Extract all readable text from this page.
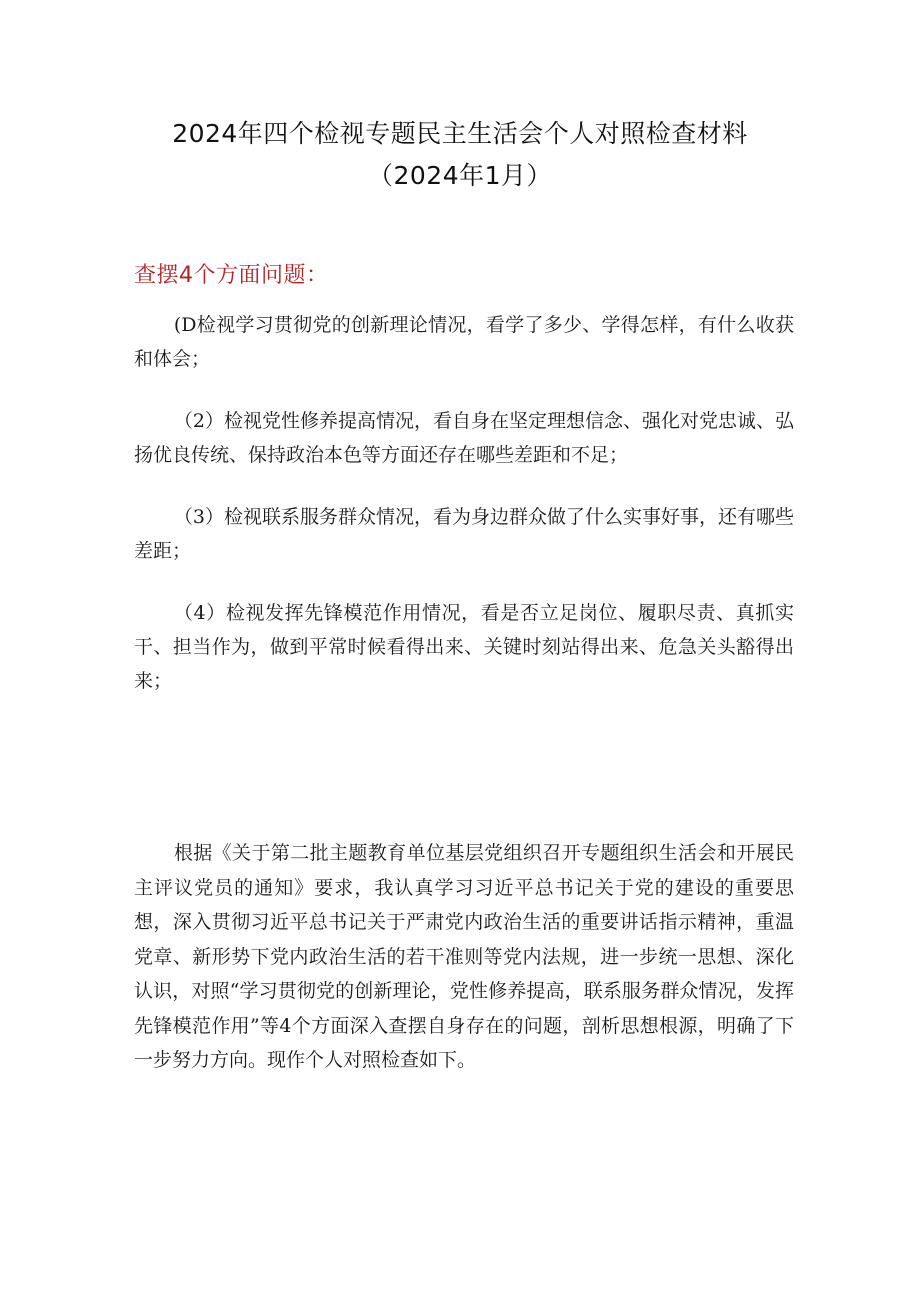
2024年四个检视专题民主生活会个人对照检查材料
（2024年1月）
查摆4个方面问题：

(D检视学习贯彻党的创新理论情况，看学了多少、学得怎样，有什么收获和体会；

（2）检视党性修养提高情况，看自身在坚定理想信念、强化对党忠诚、弘扬优良传统、保持政治本色等方面还存在哪些差距和不足；

（3）检视联系服务群众情况，看为身边群众做了什么实事好事，还有哪些差距；

（4）检视发挥先锋模范作用情况，看是否立足岗位、履职尽责、真抓实干、担当作为，做到平常时候看得出来、关键时刻站得出来、危急关头豁得出来；

根据《关于第二批主题教育单位基层党组织召开专题组织生活会和开展民主评议党员的通知》要求，我认真学习习近平总书记关于党的建设的重要思想，深入贯彻习近平总书记关于严肃党内政治生活的重要讲话指示精神，重温党章、新形势下党内政治生活的若干准则等党内法规，进一步统一思想、深化认识，对照“学习贯彻党的创新理论，党性修养提高，联系服务群众情况，发挥先锋模范作用”等4个方面深入查摆自身存在的问题，剖析思想根源，明确了下一步努力方向。现作个人对照检查如下。
